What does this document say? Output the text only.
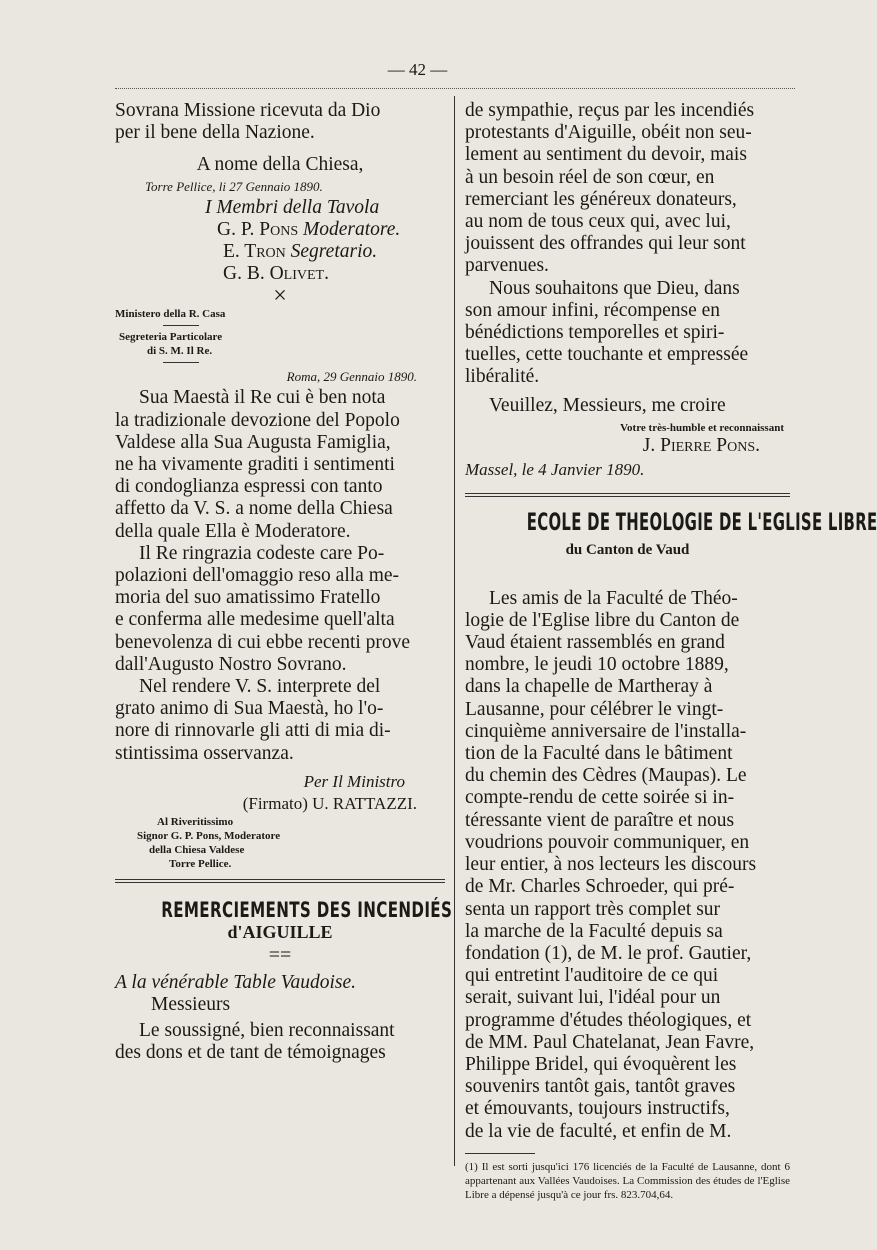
— 42 —

Sovrana Missione ricevuta da Dio

per il bene della Nazione.

A nome della Chiesa,

Torre Pellice, li 27 Gennaio 1890.

I Membri della Tavola

G. P. Pons Moderatore.

E. Tron Segretario.

G. B. Olivet.

×

Ministero della R. Casa

Segreteria Particolare

di S. M. Il Re.

Roma, 29 Gennaio 1890.

Sua Maestà il Re cui è ben nota

la tradizionale devozione del Popolo

Valdese alla Sua Augusta Famiglia,

ne ha vivamente graditi i sentimenti

di condoglianza espressi con tanto

affetto da V. S. a nome della Chiesa

della quale Ella è Moderatore.

Il Re ringrazia codeste care Po-

polazioni dell'omaggio reso alla me-

moria del suo amatissimo Fratello

e conferma alle medesime quell'alta

benevolenza di cui ebbe recenti prove

dall'Augusto Nostro Sovrano.

Nel rendere V. S. interprete del

grato animo di Sua Maestà, ho l'o-

nore di rinnovarle gli atti di mia di-

stintissima osservanza.

Per Il Ministro

(Firmato) U. RATTAZZI.

Al Riveritissimo

Signor G. P. Pons, Moderatore

della Chiesa Valdese

Torre Pellice.

REMERCIEMENTS DES INCENDIÉS

d'AIGUILLE

==

A la vénérable Table Vaudoise.

Messieurs

Le soussigné, bien reconnaissant

des dons et de tant de témoignages

de sympathie, reçus par les incendiés

protestants d'Aiguille, obéit non seu-

lement au sentiment du devoir, mais

à un besoin réel de son cœur, en

remerciant les généreux donateurs,

au nom de tous ceux qui, avec lui,

jouissent des offrandes qui leur sont

parvenues.

Nous souhaitons que Dieu, dans

son amour infini, récompense en

bénédictions temporelles et spiri-

tuelles, cette touchante et empressée

libéralité.

Veuillez, Messieurs, me croire

Votre très-humble et reconnaissant

J. Pierre Pons.

Massel, le 4 Janvier 1890.

ECOLE DE THEOLOGIE DE L'EGLISE LIBRE

du Canton de Vaud

Les amis de la Faculté de Théo-

logie de l'Eglise libre du Canton de

Vaud étaient rassemblés en grand

nombre, le jeudi 10 octobre 1889,

dans la chapelle de Martheray à

Lausanne, pour célébrer le vingt-

cinquième anniversaire de l'installa-

tion de la Faculté dans le bâtiment

du chemin des Cèdres (Maupas). Le

compte-rendu de cette soirée si in-

téressante vient de paraître et nous

voudrions pouvoir communiquer, en

leur entier, à nos lecteurs les discours

de Mr. Charles Schroeder, qui pré-

senta un rapport très complet sur

la marche de la Faculté depuis sa

fondation (1), de M. le prof. Gautier,

qui entretint l'auditoire de ce qui

serait, suivant lui, l'idéal pour un

programme d'études théologiques, et

de MM. Paul Chatelanat, Jean Favre,

Philippe Bridel, qui évoquèrent les

souvenirs tantôt gais, tantôt graves

et émouvants, toujours instructifs,

de la vie de faculté, et enfin de M.

(1) Il est sorti jusqu'ici 176 licenciés de la Faculté de Lausanne, dont 6 appartenant aux Vallées Vaudoises. La Commission des études de l'Eglise Libre a dépensé jusqu'à ce jour frs. 823.704,64.
